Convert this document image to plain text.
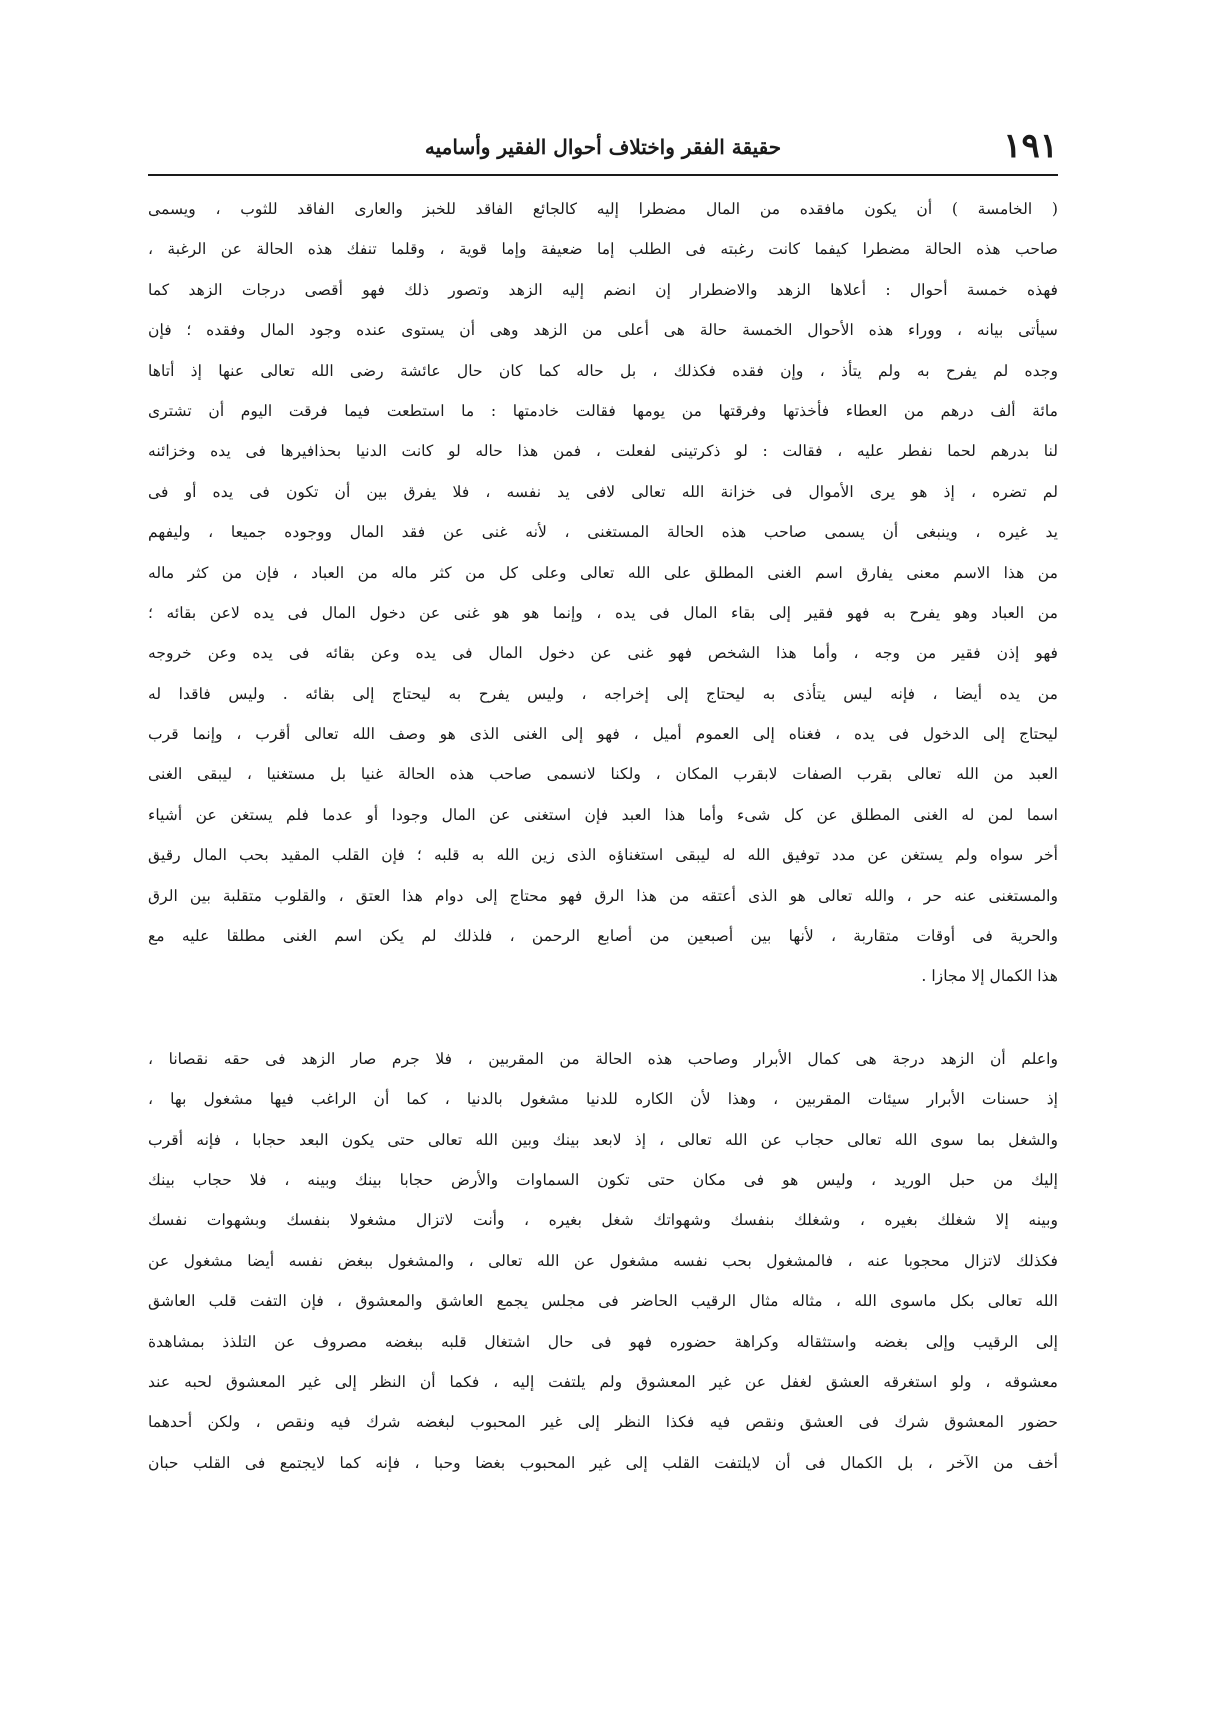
١٩١
حقيقة الفقر واختلاف أحوال الفقير وأساميه
( الخامسة ) أن يكون مافقده من المال مضطرا إليه كالجائع الفاقد للخبز والعارى الفاقد للثوب ، ويسمى
صاحب هذه الحالة مضطرا كيفما كانت رغبته فى الطلب إما ضعيفة وإما قوية ، وقلما تنفك هذه الحالة عن الرغبة ،
فهذه خمسة أحوال : أعلاها الزهد والاضطرار إن انضم إليه الزهد وتصور ذلك فهو أقصى درجات الزهد كما
سيأتى بيانه ، ووراء هذه الأحوال الخمسة حالة هى أعلى من الزهد وهى أن يستوى عنده وجود المال وفقده ؛ فإن
وجده لم يفرح به ولم يتأذ ، وإن فقده فكذلك ، بل حاله كما كان حال عائشة رضى الله تعالى عنها إذ أتاها
مائة ألف درهم من العطاء فأخذتها وفرقتها من يومها فقالت خادمتها : ما استطعت فيما فرقت اليوم أن تشترى
لنا بدرهم لحما نفطر عليه ، فقالت : لو ذكرتينى لفعلت ، فمن هذا حاله لو كانت الدنيا بحذافيرها فى يده وخزائنه
لم تضره ، إذ هو يرى الأموال فى خزانة الله تعالى لافى يد نفسه ، فلا يفرق بين أن تكون فى يده أو فى
يد غيره ، وينبغى أن يسمى صاحب هذه الحالة المستغنى ، لأنه غنى عن فقد المال ووجوده جميعا ، وليفهم
من هذا الاسم معنى يفارق اسم الغنى المطلق على الله تعالى وعلى كل من كثر ماله من العباد ، فإن من كثر ماله
من العباد وهو يفرح به فهو فقير إلى بقاء المال فى يده ، وإنما هو هو غنى عن دخول المال فى يده لاعن بقائه ؛
فهو إذن فقير من وجه ، وأما هذا الشخص فهو غنى عن دخول المال فى يده وعن بقائه فى يده وعن خروجه
من يده أيضا ، فإنه ليس يتأذى به ليحتاج إلى إخراجه ، وليس يفرح به ليحتاج إلى بقائه . وليس فاقدا له
ليحتاج إلى الدخول فى يده ، فغناه إلى العموم أميل ، فهو إلى الغنى الذى هو وصف الله تعالى أقرب ، وإنما قرب
العبد من الله تعالى بقرب الصفات لابقرب المكان ، ولكنا لانسمى صاحب هذه الحالة غنيا بل مستغنيا ، ليبقى الغنى
اسما لمن له الغنى المطلق عن كل شىء وأما هذا العبد فإن استغنى عن المال وجودا أو عدما فلم يستغن عن أشياء
أخر سواه ولم يستغن عن مدد توفيق الله له ليبقى استغناؤه الذى زين الله به قلبه ؛ فإن القلب المقيد بحب المال رقيق
والمستغنى عنه حر ، والله تعالى هو الذى أعتقه من هذا الرق فهو محتاج إلى دوام هذا العتق ، والقلوب متقلبة بين الرق
والحرية فى أوقات متقاربة ، لأنها بين أصبعين من أصابع الرحمن ، فلذلك لم يكن اسم الغنى مطلقا عليه مع
هذا الكمال إلا مجازا .
واعلم أن الزهد درجة هى كمال الأبرار وصاحب هذه الحالة من المقربين ، فلا جرم صار الزهد فى حقه نقصانا ،
إذ حسنات الأبرار سيئات المقربين ، وهذا لأن الكاره للدنيا مشغول بالدنيا ، كما أن الراغب فيها مشغول بها ،
والشغل بما سوى الله تعالى حجاب عن الله تعالى ، إذ لابعد بينك وبين الله تعالى حتى يكون البعد حجابا ، فإنه أقرب
إليك من حبل الوريد ، وليس هو فى مكان حتى تكون السماوات والأرض حجابا بينك وبينه ، فلا حجاب بينك
وبينه إلا شغلك بغيره ، وشغلك بنفسك وشهواتك شغل بغيره ، وأنت لاتزال مشغولا بنفسك وبشهوات نفسك
فكذلك لاتزال محجوبا عنه ، فالمشغول بحب نفسه مشغول عن الله تعالى ، والمشغول ببغض نفسه أيضا مشغول عن
الله تعالى بكل ماسوى الله ، مثاله مثال الرقيب الحاضر فى مجلس يجمع العاشق والمعشوق ، فإن التفت قلب العاشق
إلى الرقيب وإلى بغضه واستثقاله وكراهة حضوره فهو فى حال اشتغال قلبه ببغضه مصروف عن التلذذ بمشاهدة
معشوقه ، ولو استغرقه العشق لغفل عن غير المعشوق ولم يلتفت إليه ، فكما أن النظر إلى غير المعشوق لحبه عند
حضور المعشوق شرك فى العشق ونقص فيه فكذا النظر إلى غير المحبوب لبغضه شرك فيه ونقص ، ولكن أحدهما
أخف من الآخر ، بل الكمال فى أن لايلتفت القلب إلى غير المحبوب بغضا وحبا ، فإنه كما لايجتمع فى القلب حبان
